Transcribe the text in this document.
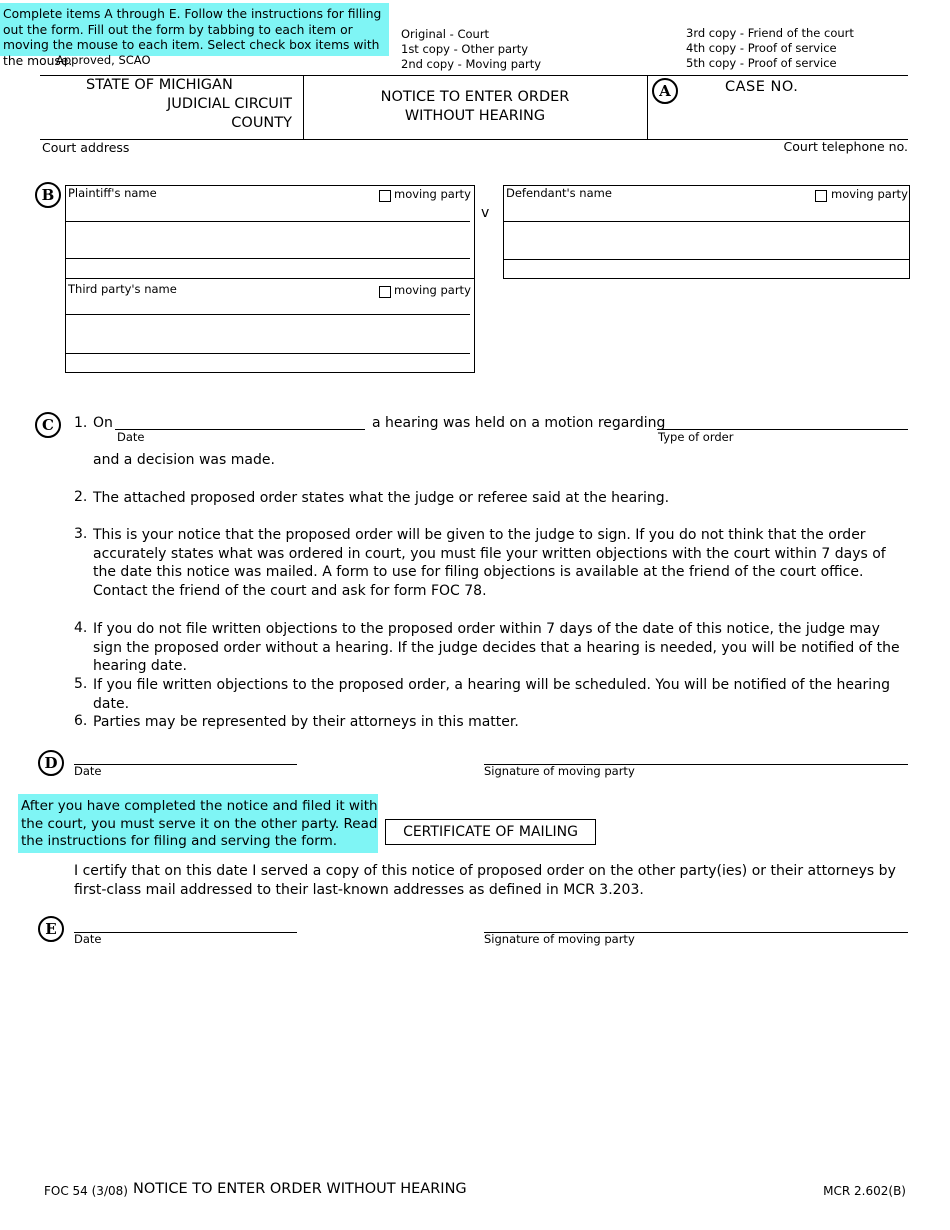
Complete items A through E. Follow the instructions for filling out the form. Fill out the form by tabbing to each item or moving the mouse to each item. Select check box items with the mouse.
Approved, SCAO
Original - Court
1st copy - Other party
2nd copy - Moving party
3rd copy - Friend of the court
4th copy - Proof of service
5th copy - Proof of service
STATE OF MICHIGAN
JUDICIAL CIRCUIT
COUNTY
NOTICE TO ENTER ORDER
WITHOUT HEARING
A	CASE NO.
Court address	Court telephone no.
B	Plaintiff's name	moving party
Third party's name	moving party
v
Defendant's name	moving party
C	1. On
Date
a hearing was held on a motion regarding
Type of order
and a decision was made.
2. The attached proposed order states what the judge or referee said at the hearing.
3. This is your notice that the proposed order will be given to the judge to sign. If you do not think that the order accurately states what was ordered in court, you must file your written objections with the court within 7 days of the date this notice was mailed. A form to use for filing objections is available at the friend of the court office. Contact the friend of the court and ask for form FOC 78.
4. If you do not file written objections to the proposed order within 7 days of the date of this notice, the judge may sign the proposed order without a hearing. If the judge decides that a hearing is needed, you will be notified of the hearing date.
5. If you file written objections to the proposed order, a hearing will be scheduled. You will be notified of the hearing date.
6. Parties may be represented by their attorneys in this matter.
D	Date	Signature of moving party
After you have completed the notice and filed it with the court, you must serve it on the other party. Read the instructions for filing and serving the form.
CERTIFICATE OF MAILING
I certify that on this date I served a copy of this notice of proposed order on the other party(ies) or their attorneys by first-class mail addressed to their last-known addresses as defined in MCR 3.203.
E
Date	Signature of moving party
FOC 54 (3/08) NOTICE TO ENTER ORDER WITHOUT HEARING	MCR 2.602(B)
